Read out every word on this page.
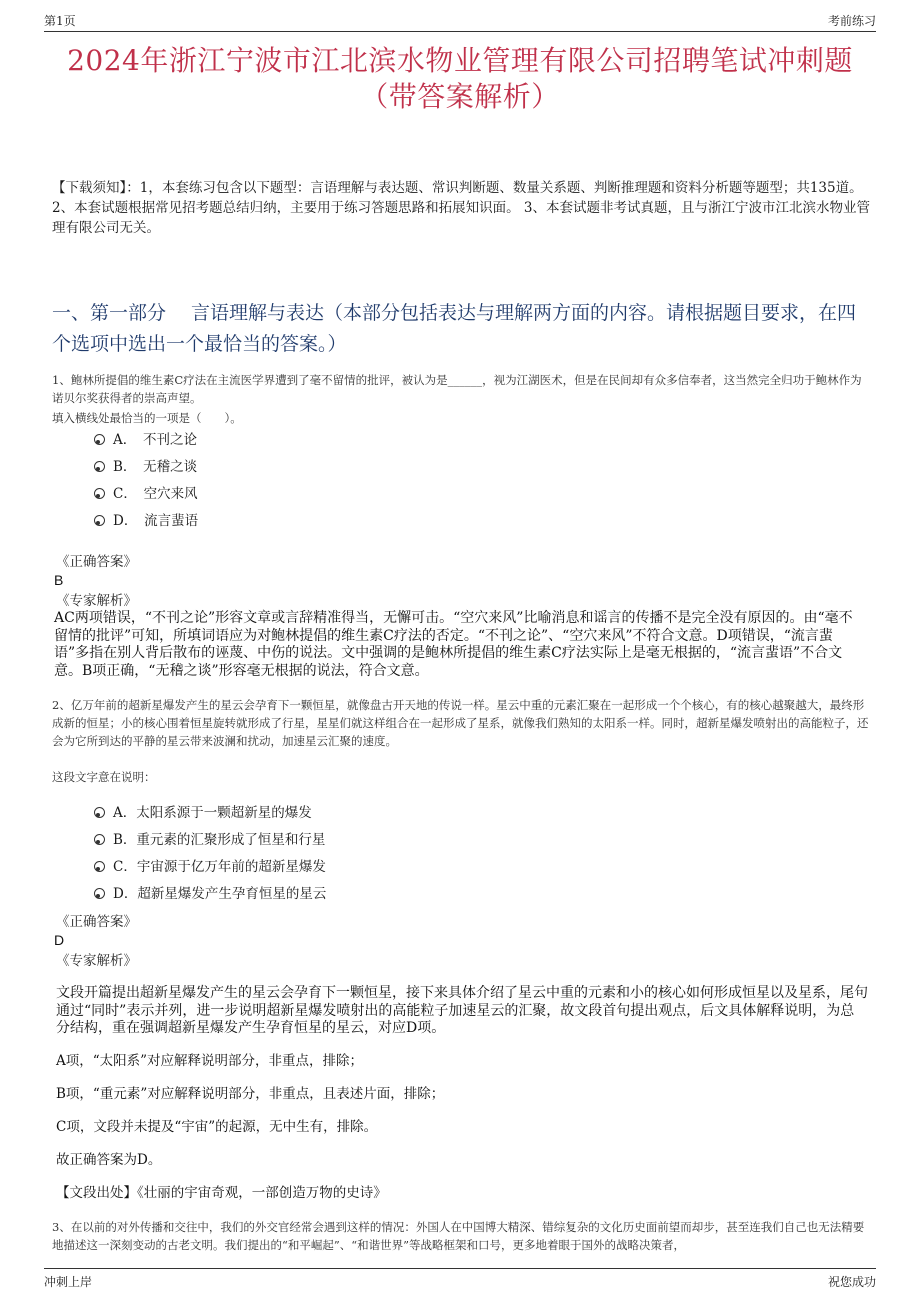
第1页	考前练习
2024年浙江宁波市江北滨水物业管理有限公司招聘笔试冲刺题
（带答案解析）
【下载须知】：1，本套练习包含以下题型：言语理解与表达题、常识判断题、数量关系题、判断推理题和资料分析题等题型；共135道。 2、本套试题根据常见招考题总结归纳，主要用于练习答题思路和拓展知识面。 3、本套试题非考试真题，且与浙江宁波市江北滨水物业管理有限公司无关。
一、第一部分 　言语理解与表达（本部分包括表达与理解两方面的内容。请根据题目要求，在四个选项中选出一个最恰当的答案。）
1、鲍林所提倡的维生素C疗法在主流医学界遭到了毫不留情的批评，被认为是______，视为江湖医术，但是在民间却有众多信奉者，这当然完全归功于鲍林作为诺贝尔奖获得者的崇高声望。
填入横线处最恰当的一项是（　　）。
A．　不刊之论
B．　无稽之谈
C．　空穴来风
D．　流言蜚语
《正确答案》
B
《专家解析》
AC两项错误，“不刊之论”形容文章或言辞精准得当，无懈可击。“空穴来风”比喻消息和谣言的传播不是完全没有原因的。由“毫不留情的批评”可知，所填词语应为对鲍林提倡的维生素C疗法的否定。“不刊之论”、“空穴来风”不符合文意。D项错误，“流言蜚语”多指在别人背后散布的诬蔑、中伤的说法。文中强调的是鲍林所提倡的维生素C疗法实际上是毫无根据的，“流言蜚语”不合文意。B项正确，“无稽之谈”形容毫无根据的说法，符合文意。
2、亿万年前的超新星爆发产生的星云会孕育下一颗恒星，就像盘古开天地的传说一样。星云中重的元素汇聚在一起形成一个个核心，有的核心越聚越大，最终形成新的恒星；小的核心围着恒星旋转就形成了行星，星星们就这样组合在一起形成了星系，就像我们熟知的太阳系一样。同时，超新星爆发喷射出的高能粒子，还会为它所到达的平静的星云带来波澜和扰动，加速星云汇聚的速度。
这段文字意在说明：
A．太阳系源于一颗超新星的爆发
B．重元素的汇聚形成了恒星和行星
C．宇宙源于亿万年前的超新星爆发
D．超新星爆发产生孕育恒星的星云
《正确答案》
D
《专家解析》
文段开篇提出超新星爆发产生的星云会孕育下一颗恒星，接下来具体介绍了星云中重的元素和小的核心如何形成恒星以及星系，尾句通过“同时”表示并列，进一步说明超新星爆发喷射出的高能粒子加速星云的汇聚，故文段首句提出观点，后文具体解释说明，为总分结构，重在强调超新星爆发产生孕育恒星的星云，对应D项。
A项，“太阳系”对应解释说明部分，非重点，排除；
B项，“重元素”对应解释说明部分，非重点，且表述片面，排除；
C项，文段并未提及“宇宙”的起源，无中生有，排除。
故正确答案为D。
【文段出处】《壮丽的宇宙奇观，一部创造万物的史诗》
3、在以前的对外传播和交往中，我们的外交官经常会遇到这样的情况：外国人在中国博大精深、错综复杂的文化历史面前望而却步，甚至连我们自己也无法精要地描述这一深刻变动的古老文明。我们提出的“和平崛起”、“和谐世界”等战略框架和口号，更多地着眼于国外的战略决策者，
冲刺上岸	祝您成功
